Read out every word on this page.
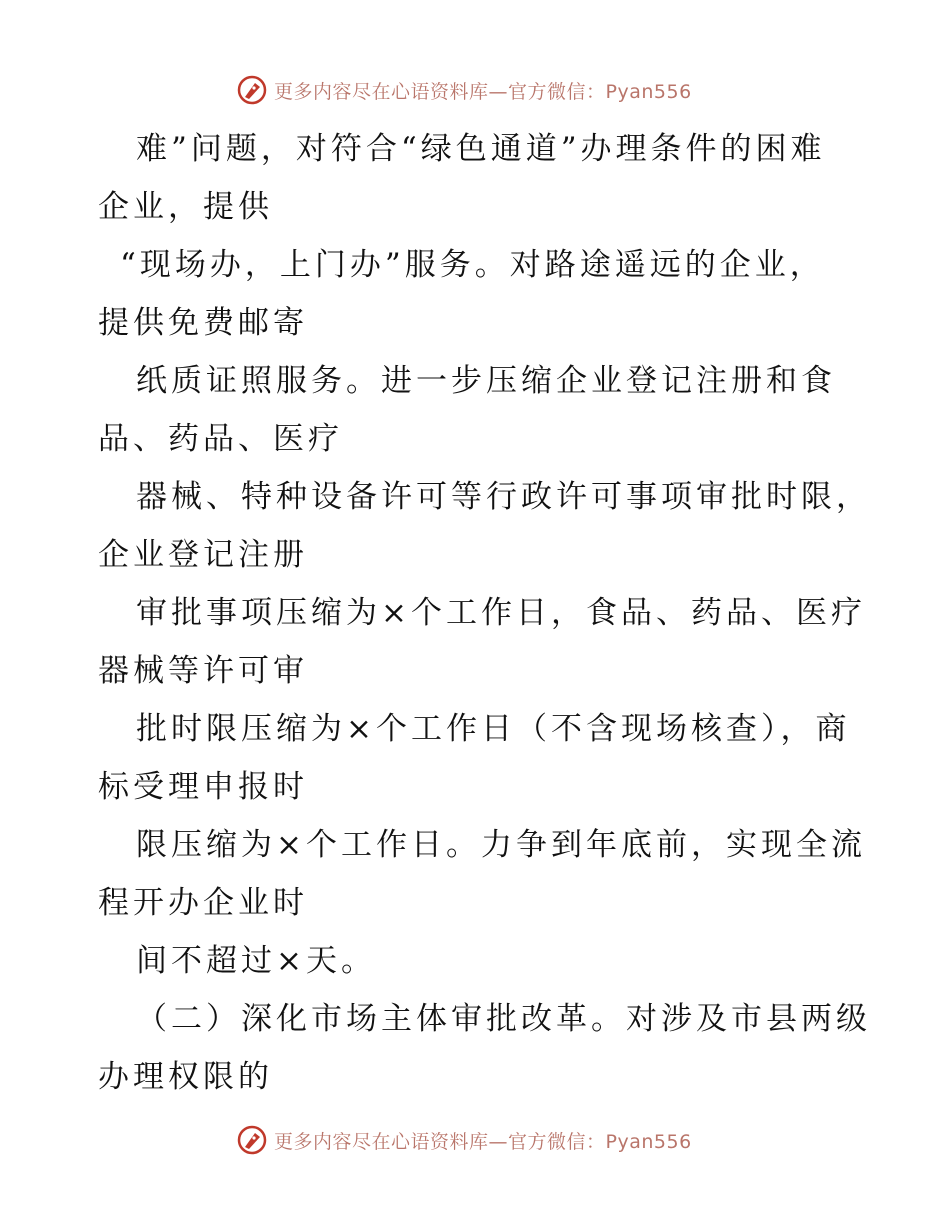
更多内容尽在心语资料库—官方微信：Pyan556
难”问题，对符合“绿色通道”办理条件的困难
企业，提供
“现场办，上门办”服务。对路途遥远的企业，
提供免费邮寄
纸质证照服务。进一步压缩企业登记注册和食
品、药品、医疗
器械、特种设备许可等行政许可事项审批时限，
企业登记注册
审批事项压缩为×个工作日，食品、药品、医疗
器械等许可审
批时限压缩为×个工作日（不含现场核查），商
标受理申报时
限压缩为×个工作日。力争到年底前，实现全流
程开办企业时
间不超过×天。
（二）深化市场主体审批改革。对涉及市县两级
办理权限的
更多内容尽在心语资料库—官方微信：Pyan556
